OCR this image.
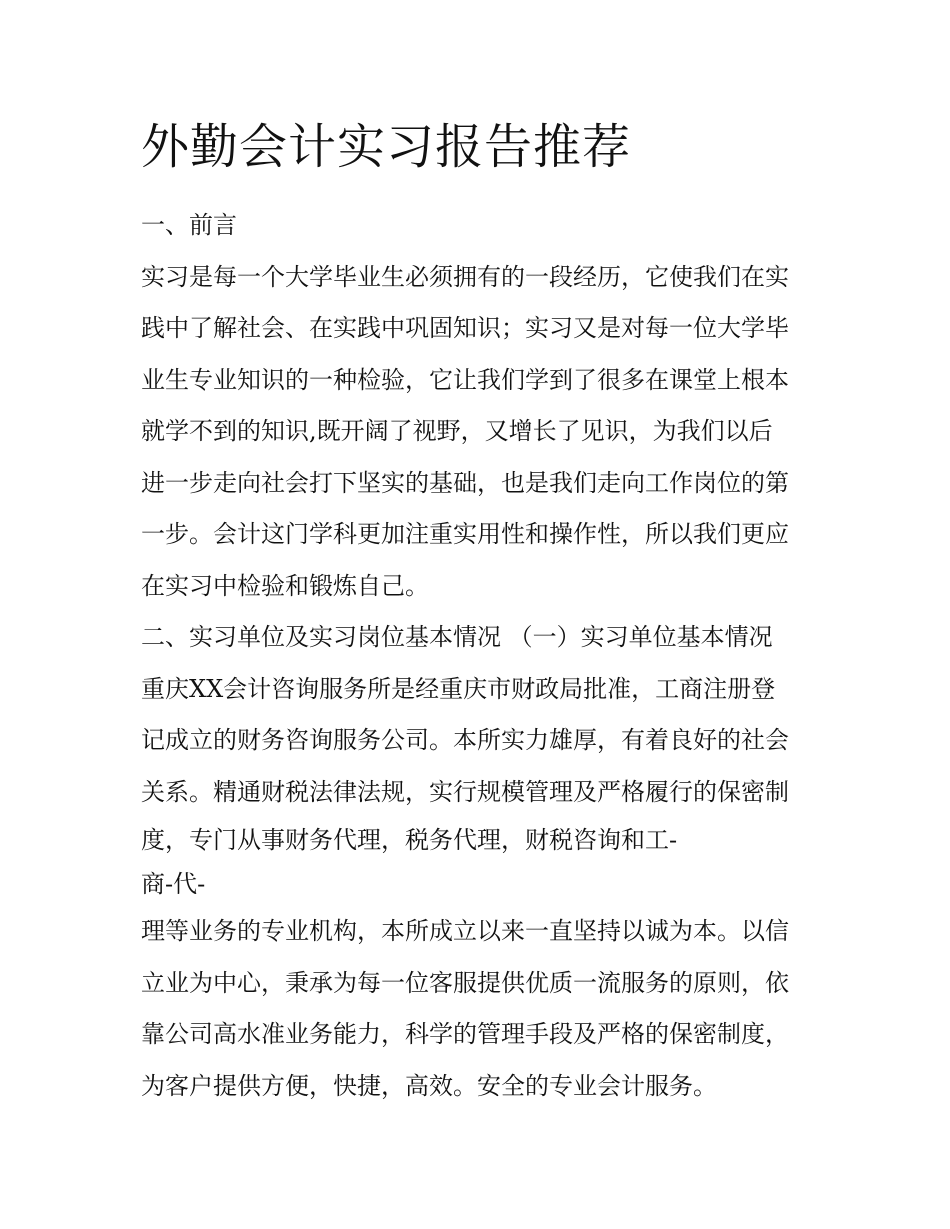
外勤会计实习报告推荐

一、前言

实习是每一个大学毕业生必须拥有的一段经历，它使我们在实

践中了解社会、在实践中巩固知识；实习又是对每一位大学毕

业生专业知识的一种检验，它让我们学到了很多在课堂上根本

就学不到的知识,既开阔了视野，又增长了见识，为我们以后

进一步走向社会打下坚实的基础，也是我们走向工作岗位的第

一步。会计这门学科更加注重实用性和操作性，所以我们更应

在实习中检验和锻炼自己。

二、实习单位及实习岗位基本情况 （一）实习单位基本情况

重庆XX会计咨询服务所是经重庆市财政局批准，工商注册登

记成立的财务咨询服务公司。本所实力雄厚，有着良好的社会

关系。精通财税法律法规，实行规模管理及严格履行的保密制

度，专门从事财务代理，税务代理，财税咨询和工-

商-代-

理等业务的专业机构，本所成立以来一直坚持以诚为本。以信

立业为中心，秉承为每一位客服提供优质一流服务的原则，依

靠公司高水准业务能力，科学的管理手段及严格的保密制度，

为客户提供方便，快捷，高效。安全的专业会计服务。
